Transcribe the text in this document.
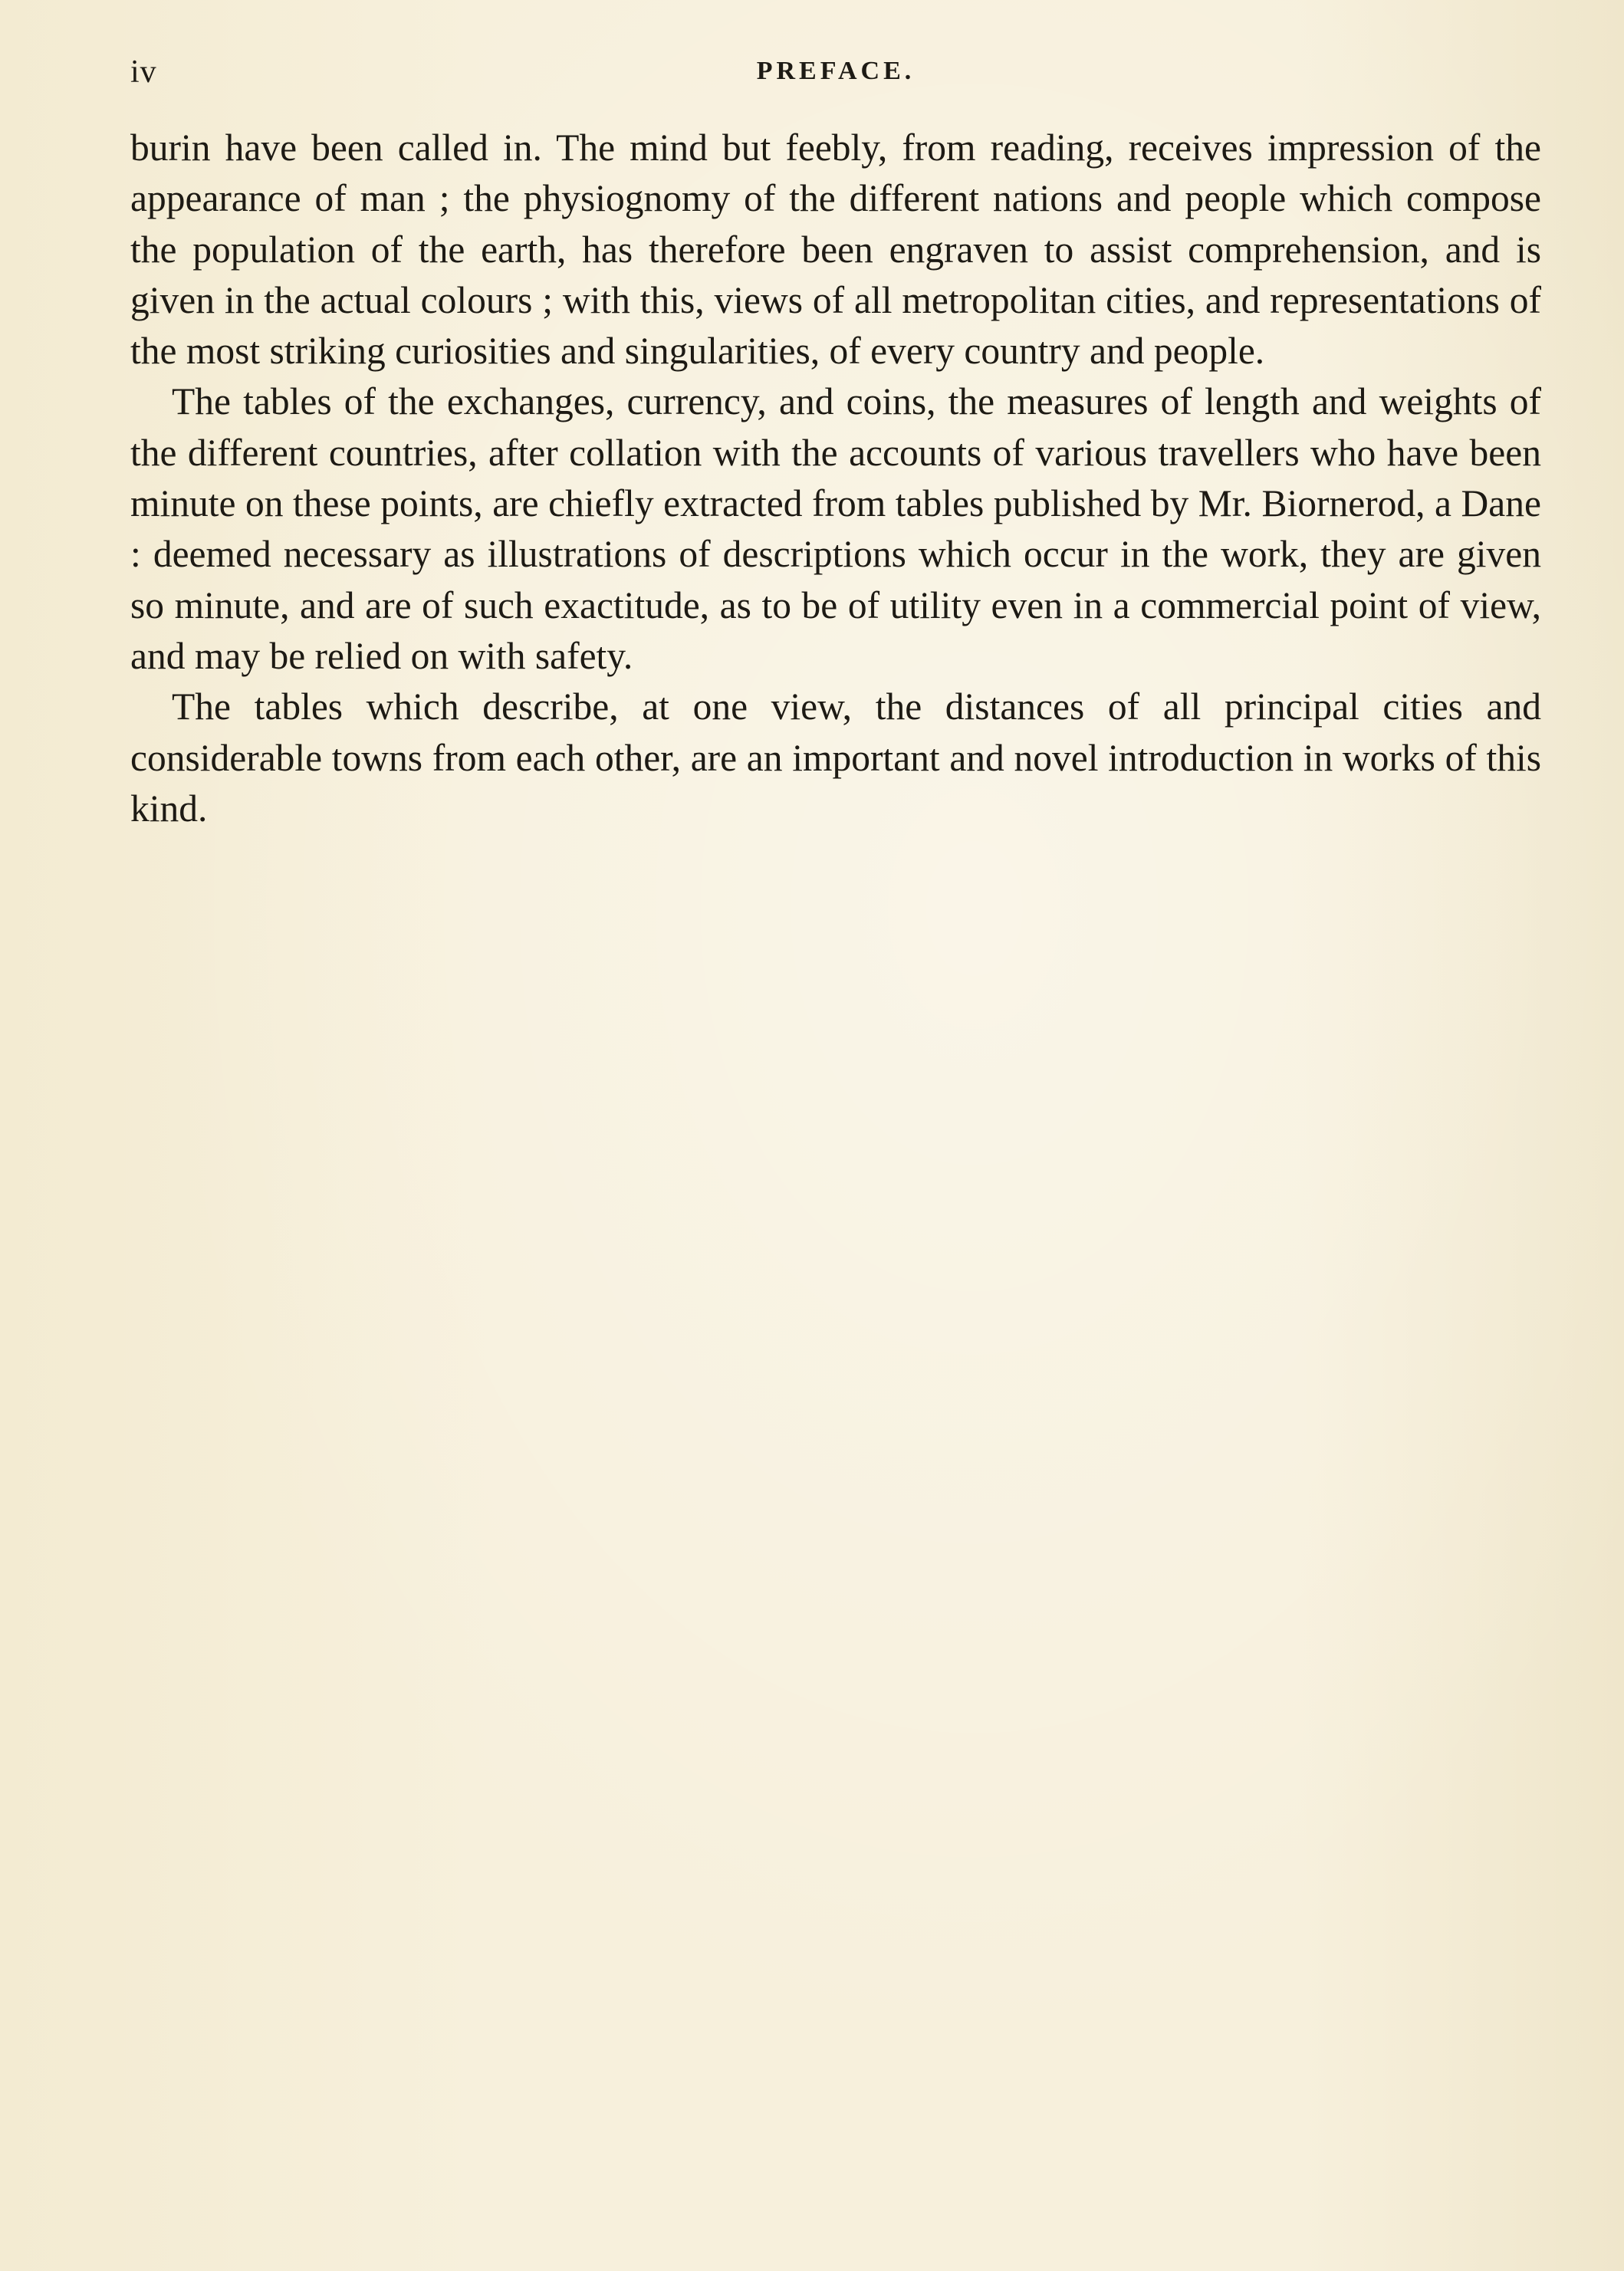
iv	PREFACE.

burin have been called in. The mind but feebly, from reading, receives impression of the appearance of man ; the physiognomy of the different nations and people which compose the population of the earth, has therefore been engraven to assist comprehension, and is given in the actual colours ; with this, views of all metropolitan cities, and representations of the most striking curiosities and singularities, of every country and people.

The tables of the exchanges, currency, and coins, the measures of length and weights of the different countries, after collation with the accounts of various travellers who have been minute on these points, are chiefly extracted from tables published by Mr. Biornerod, a Dane : deemed necessary as illustrations of descriptions which occur in the work, they are given so minute, and are of such exactitude, as to be of utility even in a commercial point of view, and may be relied on with safety.

The tables which describe, at one view, the distances of all principal cities and considerable towns from each other, are an important and novel introduction in works of this kind.
